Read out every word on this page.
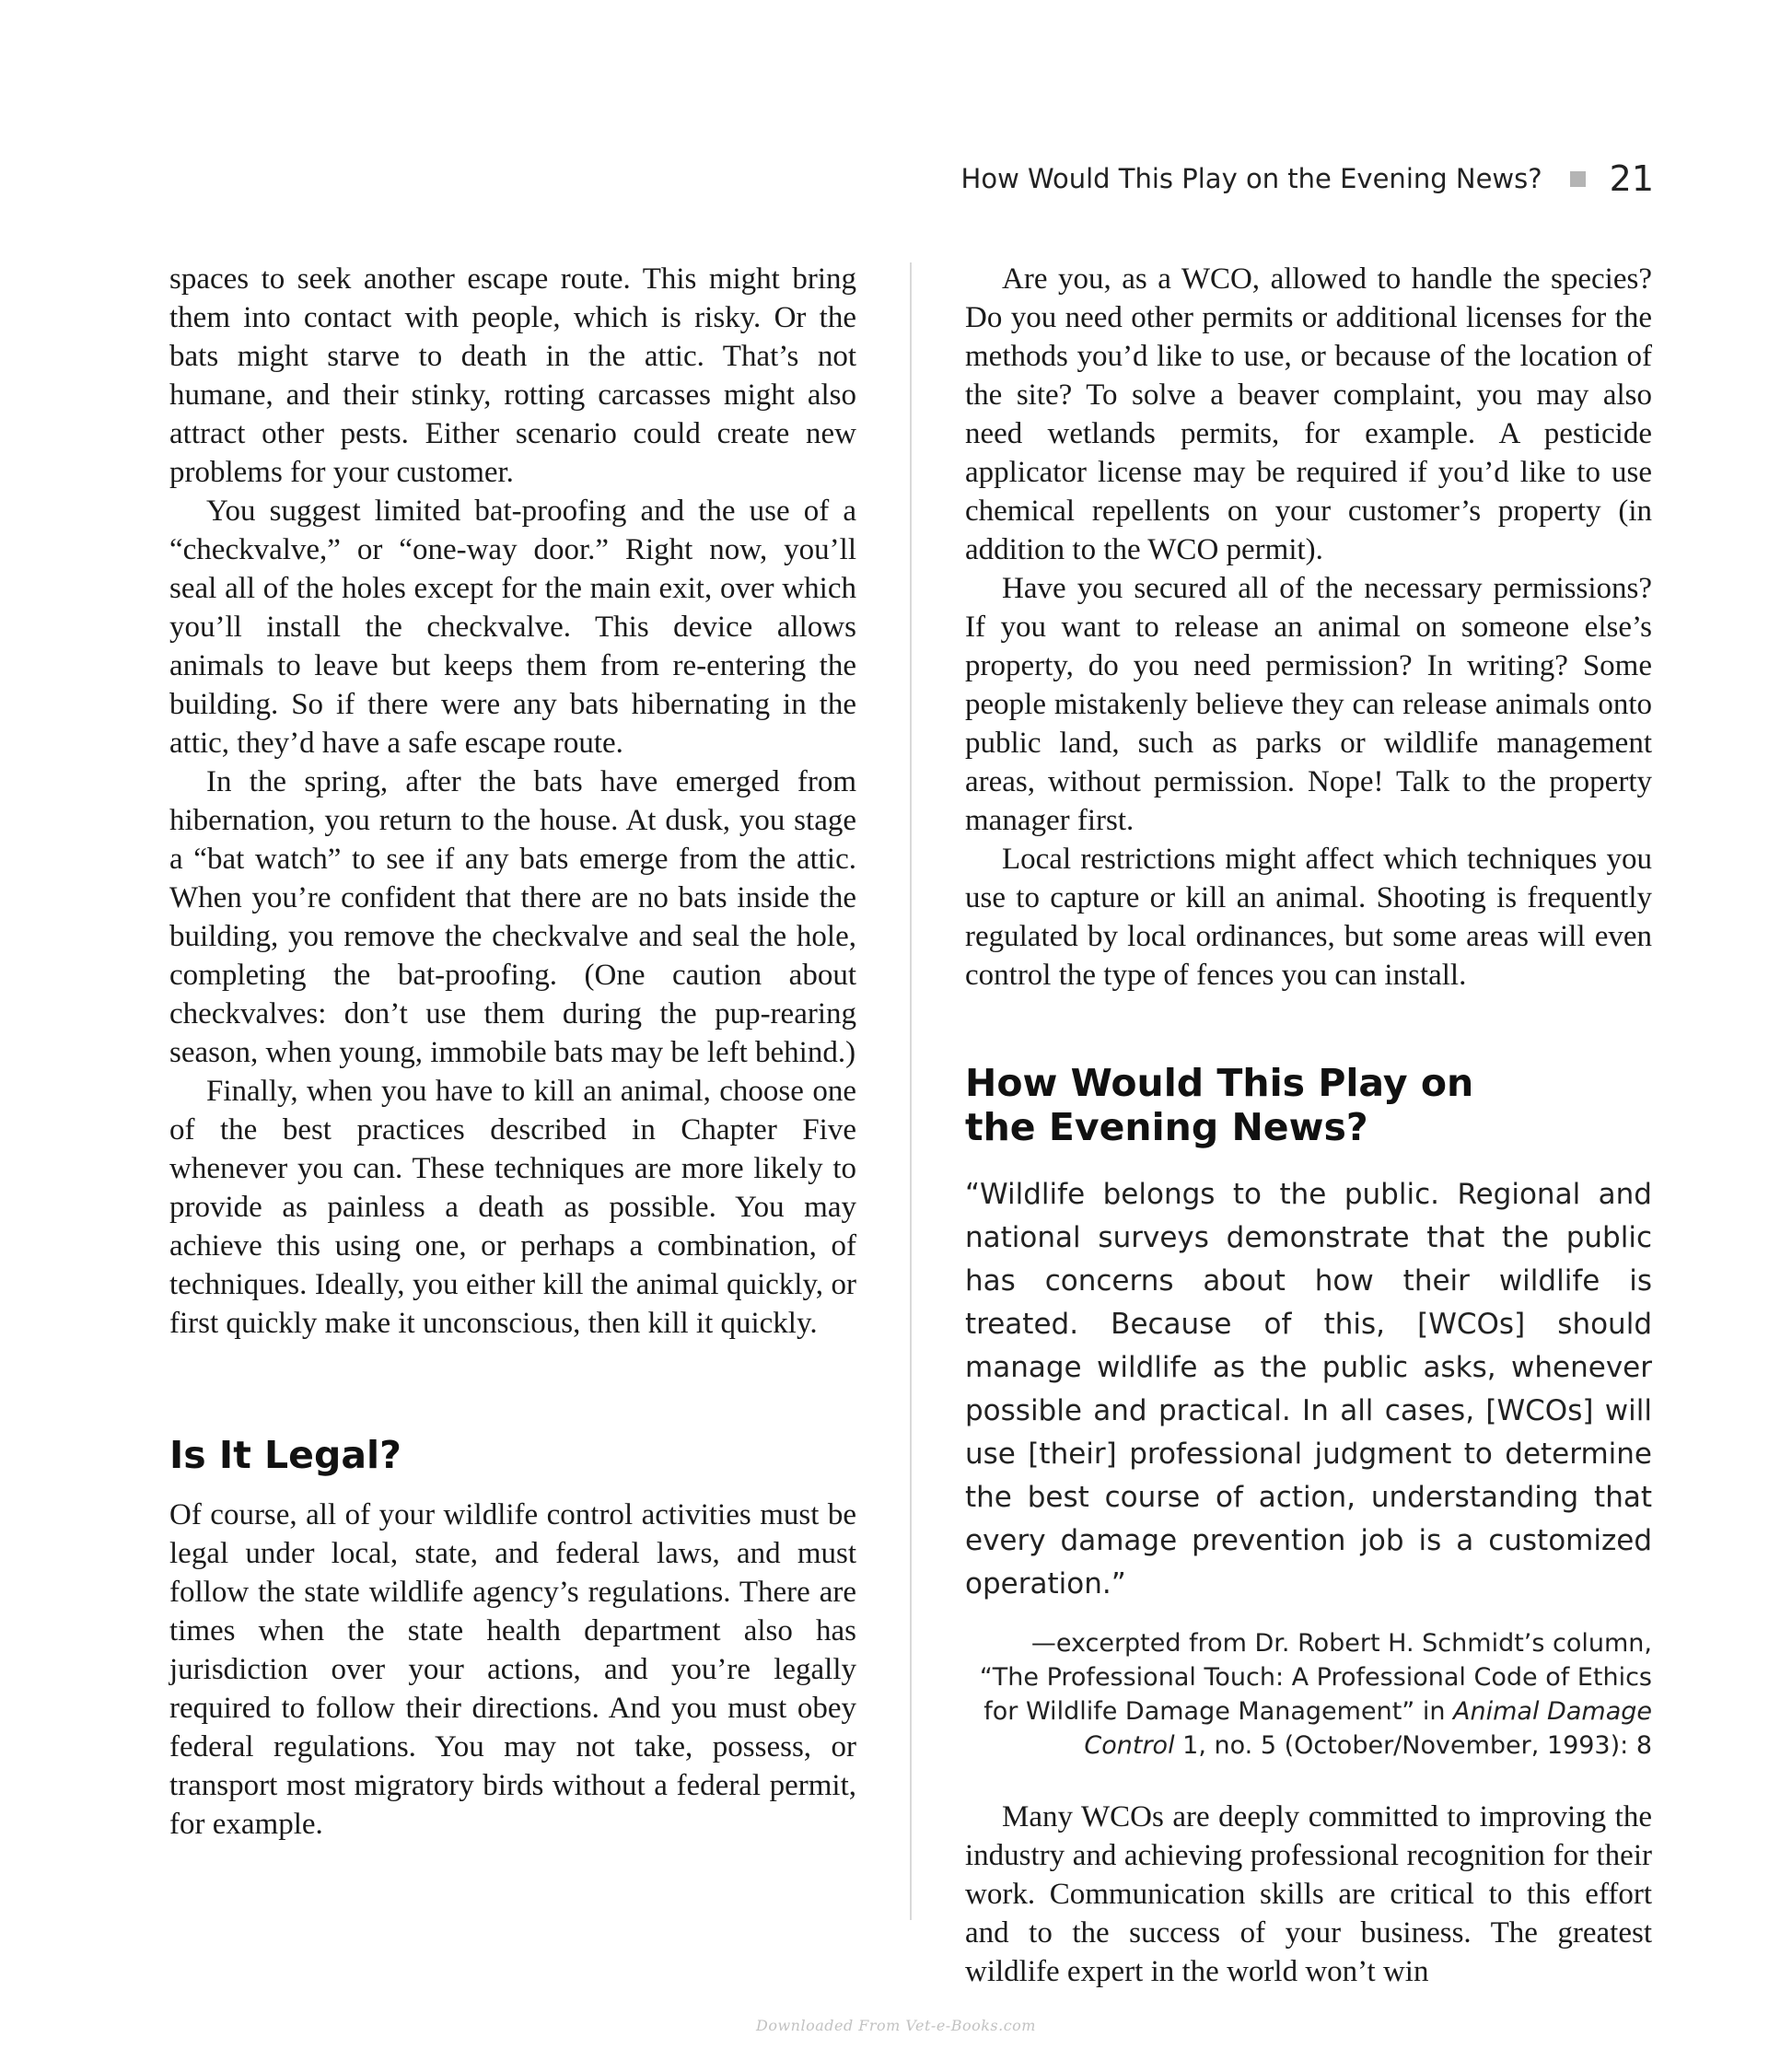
How Would This Play on the Evening News? 21

spaces to seek another escape route. This might bring them into contact with people, which is risky. Or the bats might starve to death in the attic. That’s not humane, and their stinky, rotting carcasses might also attract other pests. Either scenario could create new problems for your customer.

You suggest limited bat-proofing and the use of a “checkvalve,” or “one-way door.” Right now, you’ll seal all of the holes except for the main exit, over which you’ll install the checkvalve. This device allows animals to leave but keeps them from re-entering the building. So if there were any bats hibernating in the attic, they’d have a safe escape route.

In the spring, after the bats have emerged from hibernation, you return to the house. At dusk, you stage a “bat watch” to see if any bats emerge from the attic. When you’re confident that there are no bats inside the building, you remove the checkvalve and seal the hole, completing the bat-proofing. (One caution about checkvalves: don’t use them during the pup-rearing season, when young, immobile bats may be left behind.)

Finally, when you have to kill an animal, choose one of the best practices described in Chapter Five whenever you can. These techniques are more likely to provide as painless a death as possible. You may achieve this using one, or perhaps a combination, of techniques. Ideally, you either kill the animal quickly, or first quickly make it unconscious, then kill it quickly.

Is It Legal?

Of course, all of your wildlife control activities must be legal under local, state, and federal laws, and must follow the state wildlife agency’s regulations. There are times when the state health department also has jurisdiction over your actions, and you’re legally required to follow their directions. And you must obey federal regulations. You may not take, possess, or transport most migratory birds without a federal permit, for example.

Are you, as a WCO, allowed to handle the species? Do you need other permits or additional licenses for the methods you’d like to use, or because of the location of the site? To solve a beaver complaint, you may also need wetlands permits, for example. A pesticide applicator license may be required if you’d like to use chemical repellents on your customer’s property (in addition to the WCO permit).

Have you secured all of the necessary permissions? If you want to release an animal on someone else’s property, do you need permission? In writing? Some people mistakenly believe they can release animals onto public land, such as parks or wildlife management areas, without permission. Nope! Talk to the property manager first.

Local restrictions might affect which techniques you use to capture or kill an animal. Shooting is frequently regulated by local ordinances, but some areas will even control the type of fences you can install.

How Would This Play on the Evening News?

“Wildlife belongs to the public. Regional and national surveys demonstrate that the public has concerns about how their wildlife is treated. Because of this, [WCOs] should manage wildlife as the public asks, whenever possible and practical. In all cases, [WCOs] will use [their] professional judgment to determine the best course of action, understanding that every damage prevention job is a customized operation.”

—excerpted from Dr. Robert H. Schmidt’s column,

“The Professional Touch: A Professional Code of Ethics

for Wildlife Damage Management” in Animal Damage

Control 1, no. 5 (October/November, 1993): 8

Many WCOs are deeply committed to improving the industry and achieving professional recognition for their work. Communication skills are critical to this effort and to the success of your business. The greatest wildlife expert in the world won’t win

Downloaded From Vet-e-Books.com
